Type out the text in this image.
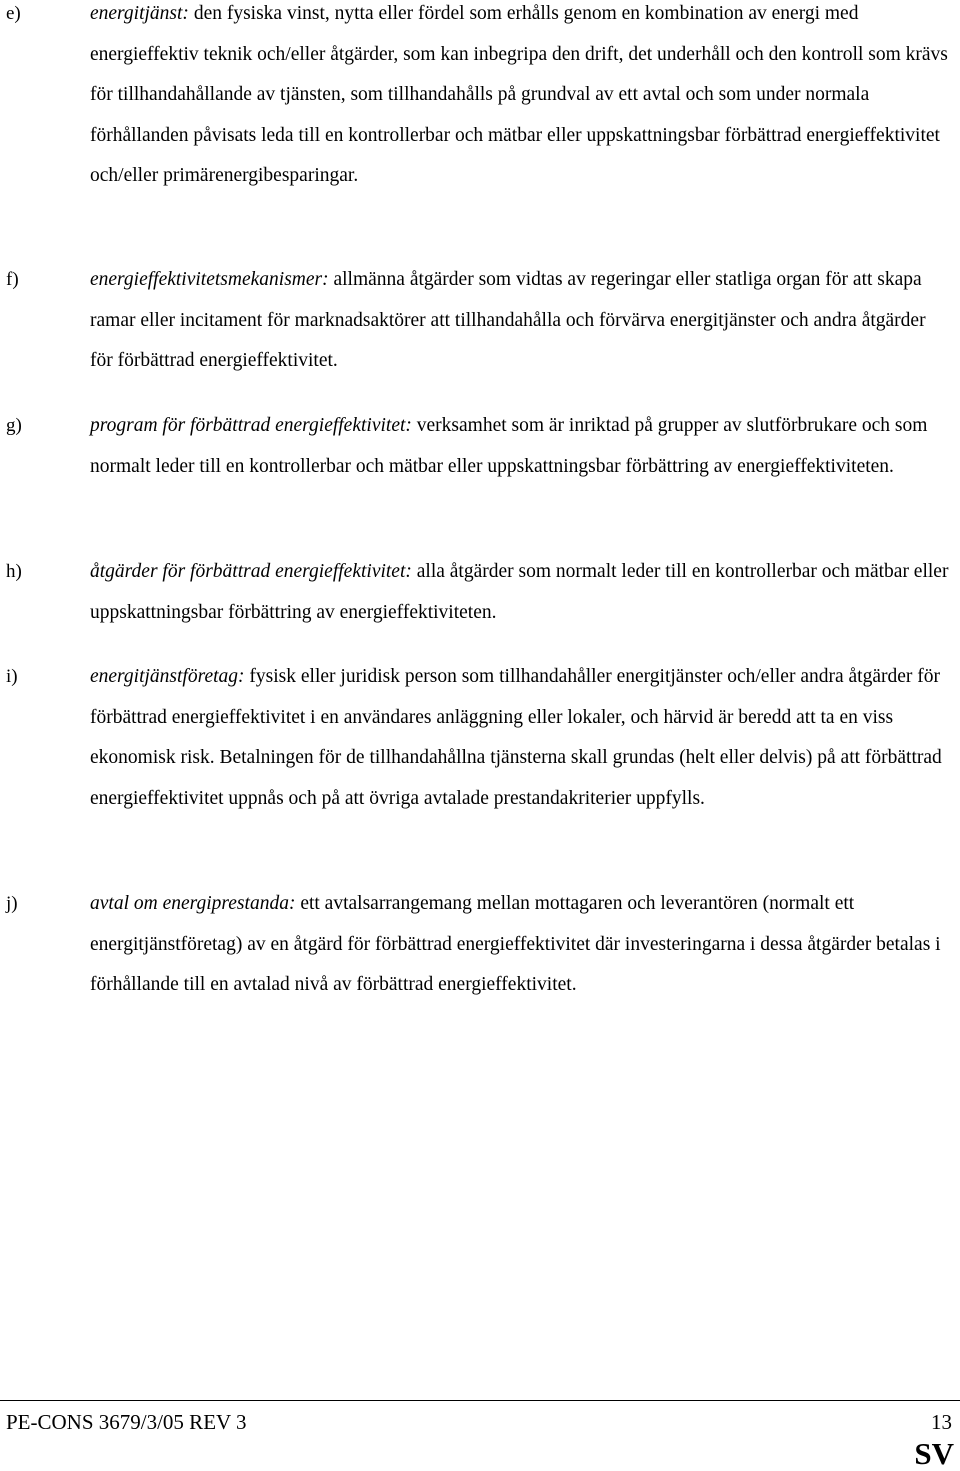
e)	energitjänst: den fysiska vinst, nytta eller fördel som erhålls genom en kombination av energi med energieffektiv teknik och/eller åtgärder, som kan inbegripa den drift, det underhåll och den kontroll som krävs för tillhandahållande av tjänsten, som tillhandahålls på grundval av ett avtal och som under normala förhållanden påvisats leda till en kontrollerbar och mätbar eller uppskattningsbar förbättrad energieffektivitet och/eller primärenergibesparingar.

f)	energieffektivitetsmekanismer: allmänna åtgärder som vidtas av regeringar eller statliga organ för att skapa ramar eller incitament för marknadsaktörer att tillhandahålla och förvärva energitjänster och andra åtgärder för förbättrad energieffektivitet.

g)	program för förbättrad energieffektivitet: verksamhet som är inriktad på grupper av slutförbrukare och som normalt leder till en kontrollerbar och mätbar eller uppskattningsbar förbättring av energieffektiviteten.

h)	åtgärder för förbättrad energieffektivitet: alla åtgärder som normalt leder till en kontrollerbar och mätbar eller uppskattningsbar förbättring av energieffektiviteten.

i)	energitjänstföretag: fysisk eller juridisk person som tillhandahåller energitjänster och/eller andra åtgärder för förbättrad energieffektivitet i en användares anläggning eller lokaler, och härvid är beredd att ta en viss ekonomisk risk. Betalningen för de tillhandahållna tjänsterna skall grundas (helt eller delvis) på att förbättrad energieffektivitet uppnås och på att övriga avtalade prestandakriterier uppfylls.

j)	avtal om energiprestanda: ett avtalsarrangemang mellan mottagaren och leverantören (normalt ett energitjänstföretag) av en åtgärd för förbättrad energieffektivitet där investeringarna i dessa åtgärder betalas i förhållande till en avtalad nivå av förbättrad energieffektivitet.

PE-CONS 3679/3/05 REV 3	13
SV
